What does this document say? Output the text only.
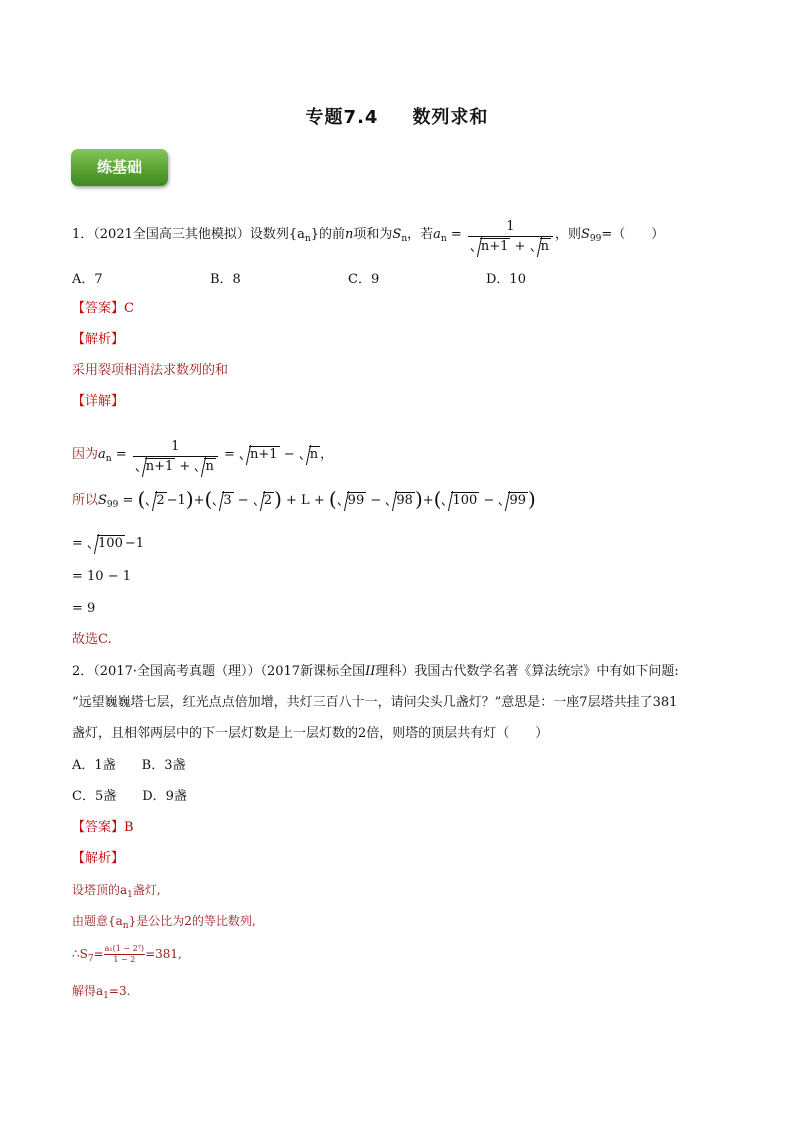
专题7.4 数列求和
练基础
1．（2021全国高三其他模拟）设数列$\{a_n\}$的前n项和为$S_n$，若$a_n = \frac{1}{n+1 + n}$ ，则$S_{99}=$（　　）
A．7	B．8	C．9	D．10
【答案】C
【解析】
采用裂项相消法求数列的和
【详解】
因为$a_n = \frac{1}{n+1 + n} = n+1 - n$ ，
所以$S_{99}$ = ( 2 −1)+( 3 − 2 ) + L + ( 99 − 98 )+( 100 − 99 )
= 100 −1
= 10 − 1
= 9
故选C.
2．（2017·全国高考真题（理））（2017新课标全国II理科）我国古代数学名著《算法统宗》中有如下问题:
“远望巍巍塔七层，红光点点倍加增，共灯三百八十一，请问尖头几盏灯？”意思是：一座7层塔共挂了381
盏灯，且相邻两层中的下一层灯数是上一层灯数的2倍，则塔的顶层共有灯（　　）
A．1盏 B．3盏
C．5盏 D．9盏
【答案】B
【解析】
设塔顶的$a_1$盏灯,
由题意$\{a_n\}$是公比为2的等比数列,
$\therefore S_7= \frac{\text{a₁(1 − 2⁷)}}{1 - 2} =381$,
解得$a_1=3$.
